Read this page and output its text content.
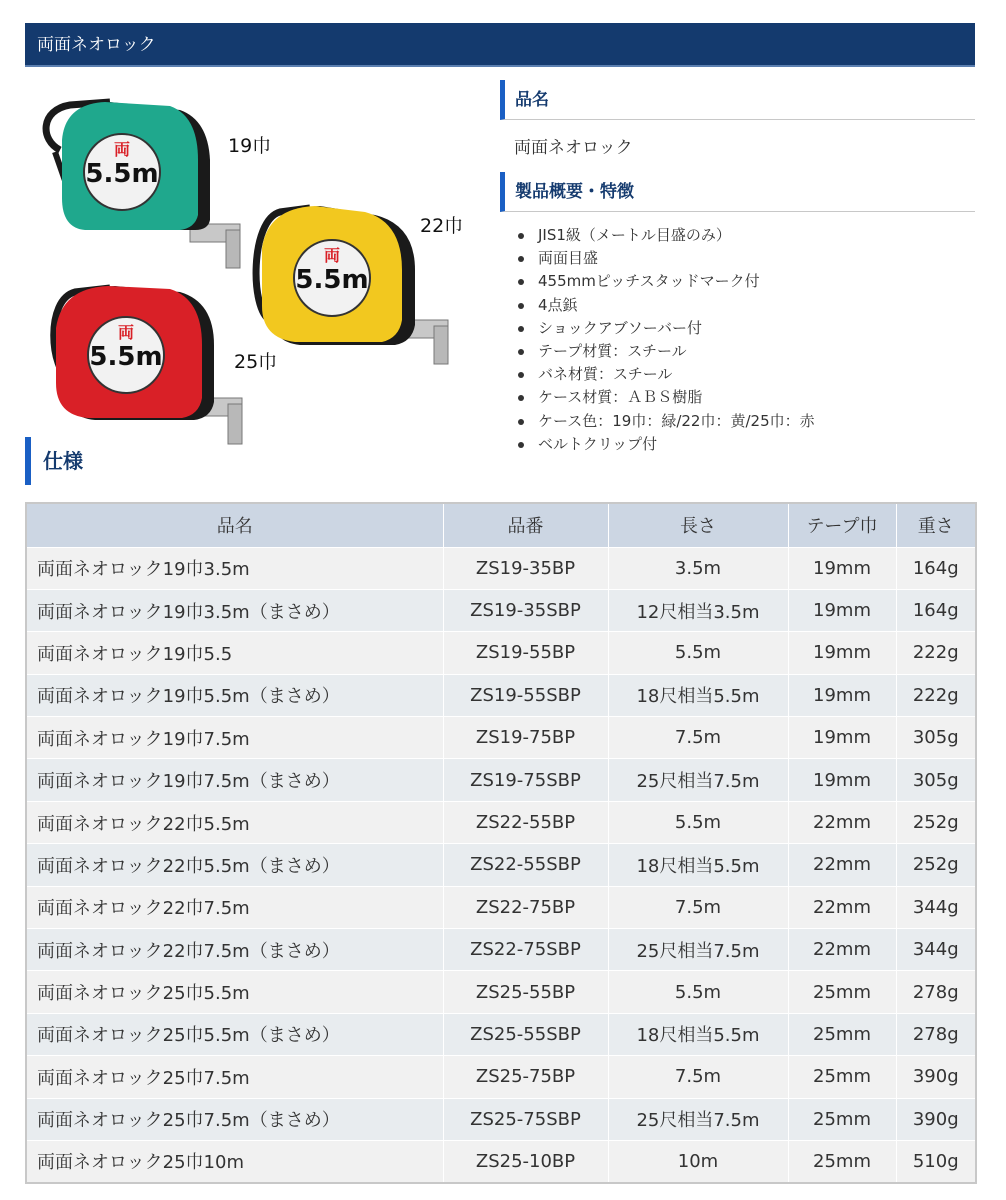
両面ネオロック
5.5m
両	19巾
5.5m
両
22巾
5.5m
両
25巾
品名
両面ネオロック
製品概要・特徴
JIS1級（メートル目盛のみ）
両面目盛
455mmピッチスタッドマーク付
4点鋲
ショックアブソーバー付
テープ材質：スチール
バネ材質：スチール
ケース材質：ＡＢＳ樹脂
ケース色：19巾：緑/22巾：黄/25巾：赤
ベルトクリップ付
仕様
品名	品番	長さ	テープ巾	重さ
両面ネオロック19巾3.5m	ZS19-35BP	3.5m	19mm	164g
両面ネオロック19巾3.5m（まさめ）	ZS19-35SBP	12尺相当3.5m	19mm	164g
両面ネオロック19巾5.5	ZS19-55BP	5.5m	19mm	222g
両面ネオロック19巾5.5m（まさめ）	ZS19-55SBP	18尺相当5.5m	19mm	222g
両面ネオロック19巾7.5m	ZS19-75BP	7.5m	19mm	305g
両面ネオロック19巾7.5m（まさめ）	ZS19-75SBP	25尺相当7.5m	19mm	305g
両面ネオロック22巾5.5m	ZS22-55BP	5.5m	22mm	252g
両面ネオロック22巾5.5m（まさめ）	ZS22-55SBP	18尺相当5.5m	22mm	252g
両面ネオロック22巾7.5m	ZS22-75BP	7.5m	22mm	344g
両面ネオロック22巾7.5m（まさめ）	ZS22-75SBP	25尺相当7.5m	22mm	344g
両面ネオロック25巾5.5m	ZS25-55BP	5.5m	25mm	278g
両面ネオロック25巾5.5m（まさめ）	ZS25-55SBP	18尺相当5.5m	25mm	278g
両面ネオロック25巾7.5m	ZS25-75BP	7.5m	25mm	390g
両面ネオロック25巾7.5m（まさめ）	ZS25-75SBP	25尺相当7.5m	25mm	390g
両面ネオロック25巾10m	ZS25-10BP	10m	25mm	510g
